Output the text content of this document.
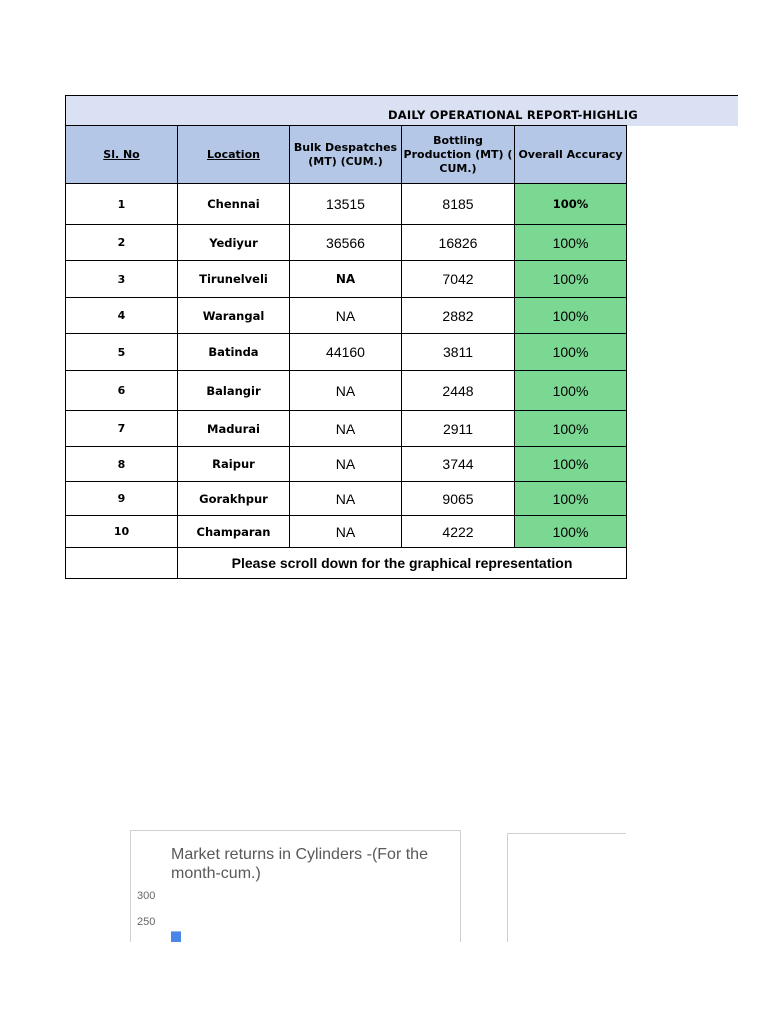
DAILY OPERATIONAL REPORT-HIGHLIG
Sl. No	Location	Bulk Despatches (MT) (CUM.)	Bottling Production (MT) ( CUM.)	Overall Accuracy
1	Chennai	13515	8185	100%
2	Yediyur	36566	16826	100%
3	Tirunelveli	NA	7042	100%
4	Warangal	NA	2882	100%
5	Batinda	44160	3811	100%
6	Balangir	NA	2448	100%
7	Madurai	NA	2911	100%
8	Raipur	NA	3744	100%
9	Gorakhpur	NA	9065	100%
10	Champaran	NA	4222	100%
	Please scroll down for the graphical representation			
Market returns in Cylinders -(For the month-cum.)
300
250
